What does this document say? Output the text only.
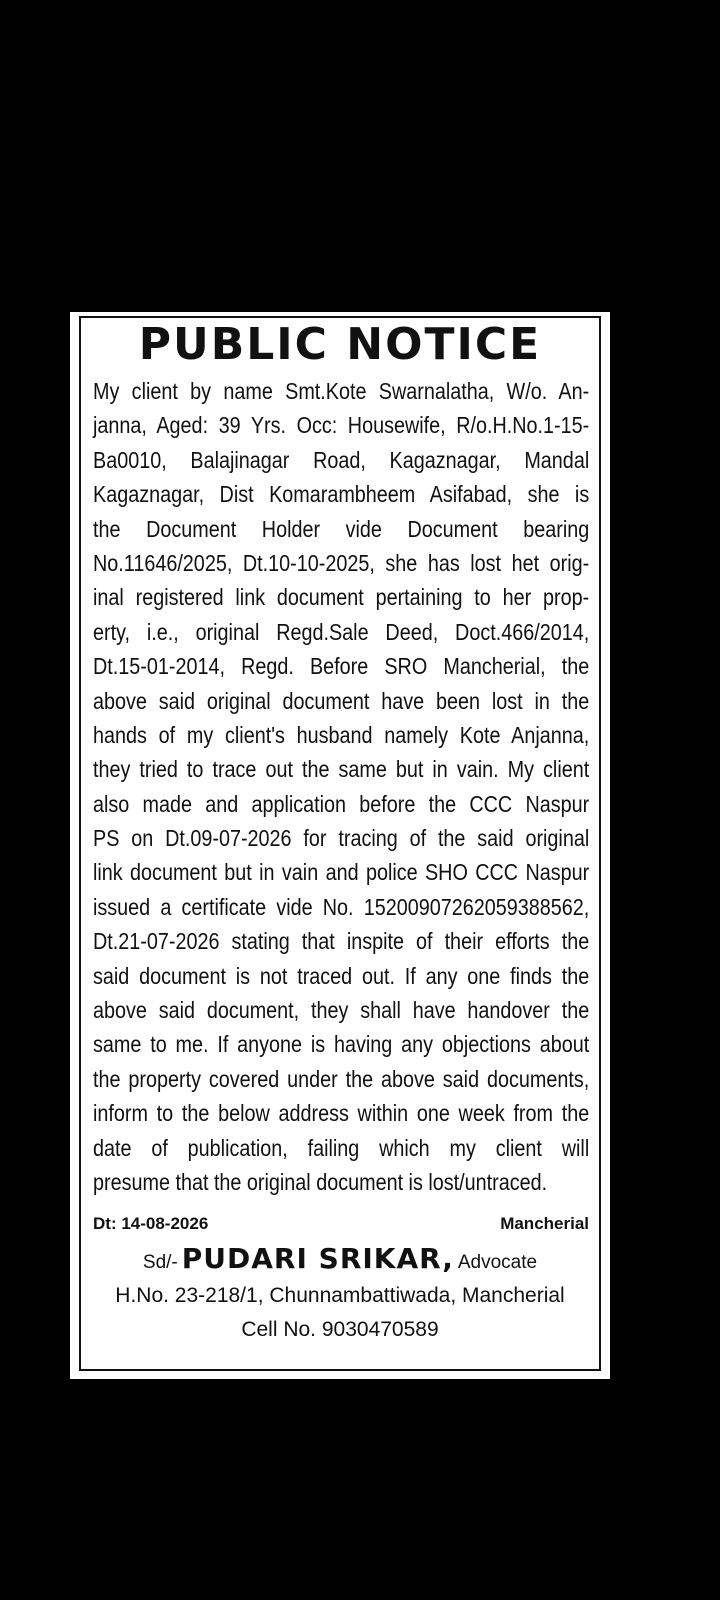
PUBLIC NOTICE
My client by name Smt.Kote Swarnalatha, W/o. An-
janna, Aged: 39 Yrs. Occ: Housewife, R/o.H.No.1-15-
Ba0010, Balajinagar Road, Kagaznagar, Mandal
Kagaznagar, Dist Komarambheem Asifabad, she is
the Document Holder vide Document bearing
No.11646/2025, Dt.10-10-2025, she has lost het orig-
inal registered link document pertaining to her prop-
erty, i.e., original Regd.Sale Deed, Doct.466/2014,
Dt.15-01-2014, Regd. Before SRO Mancherial, the
above said original document have been lost in the
hands of my client's husband namely Kote Anjanna,
they tried to trace out the same but in vain. My client
also made and application before the CCC Naspur
PS on Dt.09-07-2026 for tracing of the said original
link document but in vain and police SHO CCC Naspur
issued a certificate vide No. 15200907262059388562,
Dt.21-07-2026 stating that inspite of their efforts the
said document is not traced out. If any one finds the
above said document, they shall have handover the
same to me. If anyone is having any objections about
the property covered under the above said documents,
inform to the below address within one week from the
date of publication, failing which my client will
presume that the original document is lost/untraced.
Dt: 14-08-2026	Mancherial
Sd/- PUDARI SRIKAR, Advocate
H.No. 23-218/1, Chunnambattiwada, Mancherial
Cell No. 9030470589
